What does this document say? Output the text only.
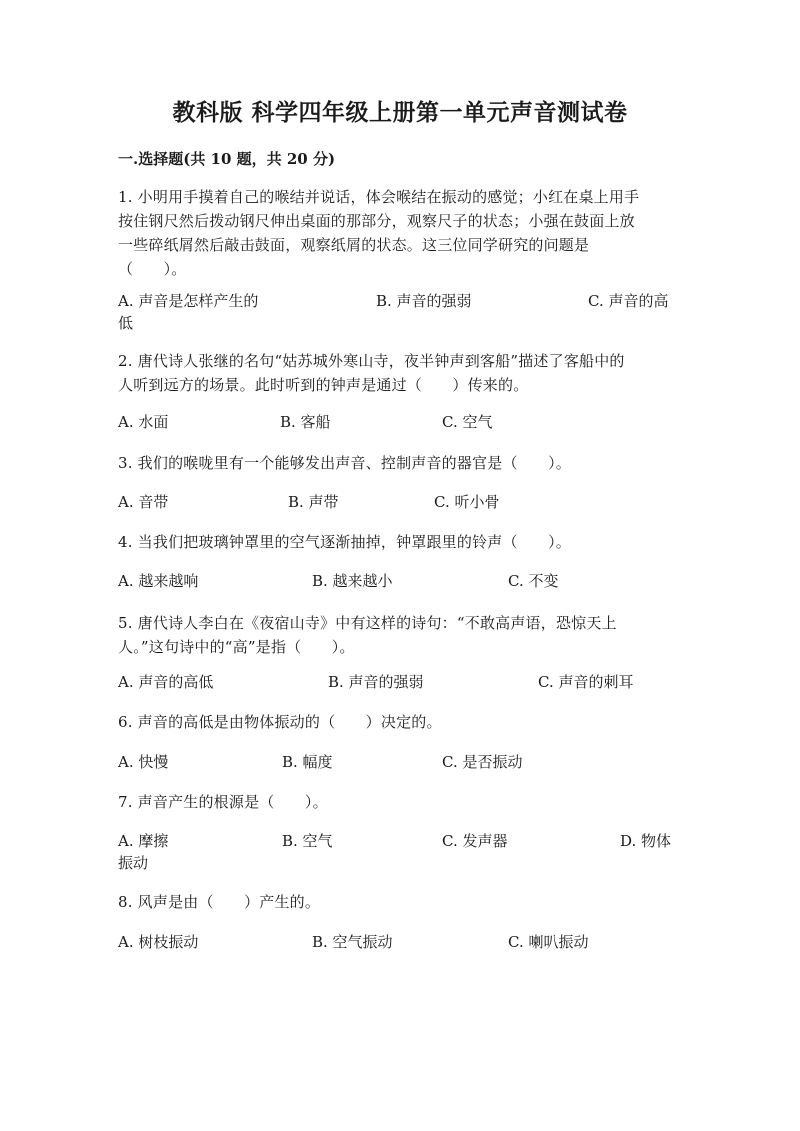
教科版 科学四年级上册第一单元声音测试卷
一.选择题(共 10 题，共 20 分)
1. 小明用手摸着自己的喉结并说话，体会喉结在振动的感觉；小红在桌上用手
按住钢尺然后拨动钢尺伸出桌面的那部分，观察尺子的状态；小强在鼓面上放
一些碎纸屑然后敲击鼓面，观察纸屑的状态。这三位同学研究的问题是
（　　）。
A. 声音是怎样产生的	B. 声音的强弱	C. 声音的高
低
2. 唐代诗人张继的名句“姑苏城外寒山寺，夜半钟声到客船”描述了客船中的
人听到远方的场景。此时听到的钟声是通过（　　）传来的。
A. 水面	B. 客船	C. 空气
3. 我们的喉咙里有一个能够发出声音、控制声音的器官是（　　）。
A. 音带	B. 声带	C. 听小骨
4. 当我们把玻璃钟罩里的空气逐渐抽掉，钟罩跟里的铃声（　　）。
A. 越来越响	B. 越来越小	C. 不变
5. 唐代诗人李白在《夜宿山寺》中有这样的诗句：“不敢高声语，恐惊天上
人。”这句诗中的“高”是指（　　）。
A. 声音的高低	B. 声音的强弱	C. 声音的刺耳
6. 声音的高低是由物体振动的（　　）决定的。
A. 快慢	B. 幅度	C. 是否振动
7. 声音产生的根源是（　　）。
A. 摩擦	B. 空气	C. 发声器	D. 物体
振动
8. 风声是由（　　）产生的。
A. 树枝振动	B. 空气振动	C. 喇叭振动
